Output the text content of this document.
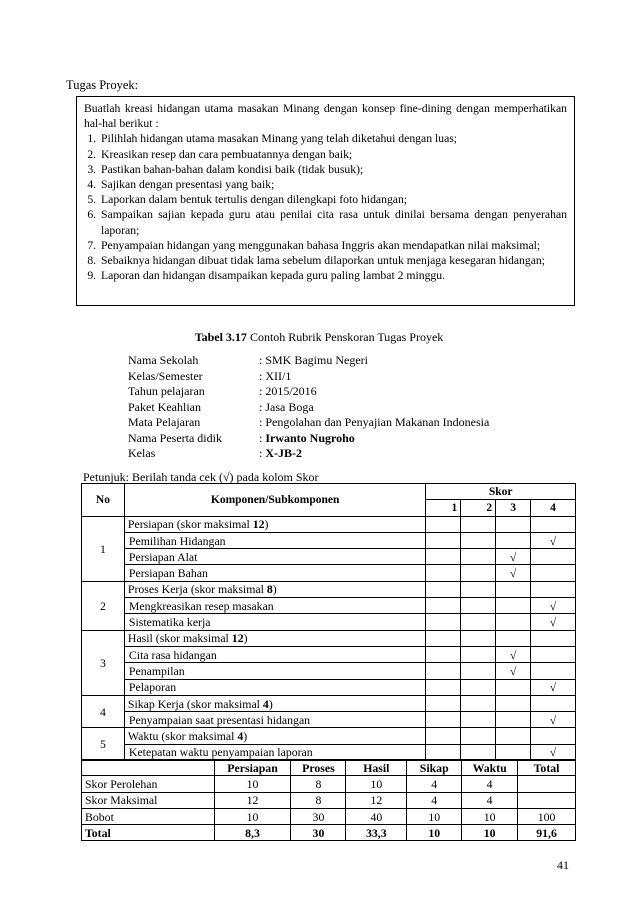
Tugas Proyek:

Buatlah kreasi hidangan utama masakan Minang dengan konsep fine-dining dengan memperhatikan hal-hal berikut :

1. Pilihlah hidangan utama masakan Minang yang telah diketahui dengan luas;
2. Kreasikan resep dan cara pembuatannya dengan baik;
3. Pastikan bahan-bahan dalam kondisi baik (tidak busuk);
4. Sajikan dengan presentasi yang baik;
5. Laporkan dalam bentuk tertulis dengan dilengkapi foto hidangan;
6. Sampaikan sajian kepada guru atau penilai cita rasa untuk dinilai bersama dengan penyerahan laporan;
7. Penyampaian hidangan yang menggunakan bahasa Inggris akan mendapatkan nilai maksimal;
8. Sebaiknya hidangan dibuat tidak lama sebelum dilaporkan untuk menjaga kesegaran hidangan;
9. Laporan dan hidangan disampaikan kepada guru paling lambat 2 minggu.
Tabel 3.17 Contoh Rubrik Penskoran Tugas Proyek
Nama Sekolah	: SMK Bagimu Negeri
Kelas/Semester	: XII/1
Tahun pelajaran	: 2015/2016
Paket Keahlian	: Jasa Boga
Mata Pelajaran	: Pengolahan dan Penyajian Makanan Indonesia
Nama Peserta didik	: Irwanto Nugroho
Kelas	: X-JB-2
Petunjuk: Berilah tanda cek (√) pada kolom Skor
No	Komponen/Subkomponen	Skor			
		1	2	3	4
1	Persiapan (skor maksimal 12)				
	Pemilihan Hidangan				√
	Persiapan Alat			√	
	Persiapan Bahan			√	
2	Proses Kerja (skor maksimal 8)				
	Mengkreasikan resep masakan				√
	Sistematika kerja				√
3	Hasil (skor maksimal 12)				
	Cita rasa hidangan			√	
	Penampilan			√	
	Pelaporan				√
4	Sikap Kerja (skor maksimal 4)				
	Penyampaian saat presentasi hidangan				√
5	Waktu (skor maksimal 4)				
	Ketepatan waktu penyampaian laporan				√
	Persiapan	Proses	Hasil	Sikap	Waktu	Total
Skor Perolehan	10	8	10	4	4	
Skor Maksimal	12	8	12	4	4	
Bobot	10	30	40	10	10	100
Total	8,3	30	33,3	10	10	91,6
41
